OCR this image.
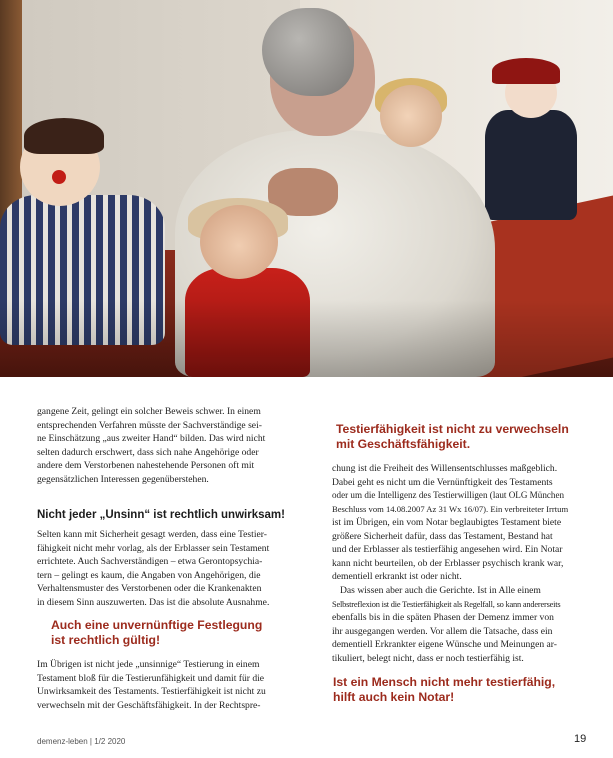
gangene Zeit, gelingt ein solcher Beweis schwer. In einem
entsprechenden Verfahren müsste der Sachverständige sei-
ne Einschätzung „aus zweiter Hand“ bilden. Das wird nicht
selten dadurch erschwert, dass sich nahe Angehörige oder
andere dem Verstorbenen nahestehende Personen oft mit
gegensätzlichen Interessen gegenüberstehen.
Nicht jeder „Unsinn“ ist rechtlich unwirksam!
Selten kann mit Sicherheit gesagt werden, dass eine Testier-
fähigkeit nicht mehr vorlag, als der Erblasser sein Testament
errichtete. Auch Sachverständigen – etwa Gerontopsychia-
tern – gelingt es kaum, die Angaben von Angehörigen, die
Verhaltensmuster des Verstorbenen oder die Krankenakten
in diesem Sinn auszuwerten. Das ist die absolute Ausnahme.
Auch eine unvernünftige Festlegung
ist rechtlich gültig!
Im Übrigen ist nicht jede „unsinnige“ Testierung in einem
Testament bloß für die Testierunfähigkeit und damit für die
Unwirksamkeit des Testaments. Testierfähigkeit ist nicht zu
verwechseln mit der Geschäftsfähigkeit. In der Rechtspre-
Testierfähigkeit ist nicht zu verwechseln
mit Geschäftsfähigkeit.
chung ist die Freiheit des Willensentschlusses maßgeblich.
Dabei geht es nicht um die Vernünftigkeit des Testaments
oder um die Intelligenz des Testierwilligen (laut OLG München
Beschluss vom 14.08.2007 Az 31 Wx 16/07). Ein verbreiteter Irrtum
ist im Übrigen, ein vom Notar beglaubigtes Testament biete
größere Sicherheit dafür, dass das Testament, Bestand hat
und der Erblasser als testierfähig angesehen wird. Ein Notar
kann nicht beurteilen, ob der Erblasser psychisch krank war,
dementiell erkrankt ist oder nicht.
Das wissen aber auch die Gerichte. Ist in Alle einem
Selbstreflexion ist die Testierfähigkeit als Regelfall, so kann andererseits
ebenfalls bis in die späten Phasen der Demenz immer von
ihr ausgegangen werden. Vor allem die Tatsache, dass ein
dementiell Erkrankter eigene Wünsche und Meinungen ar-
tikuliert, belegt nicht, dass er noch testierfähig ist.
Ist ein Mensch nicht mehr testierfähig,
hilft auch kein Notar!
demenz-leben | 1/2 2020	19
